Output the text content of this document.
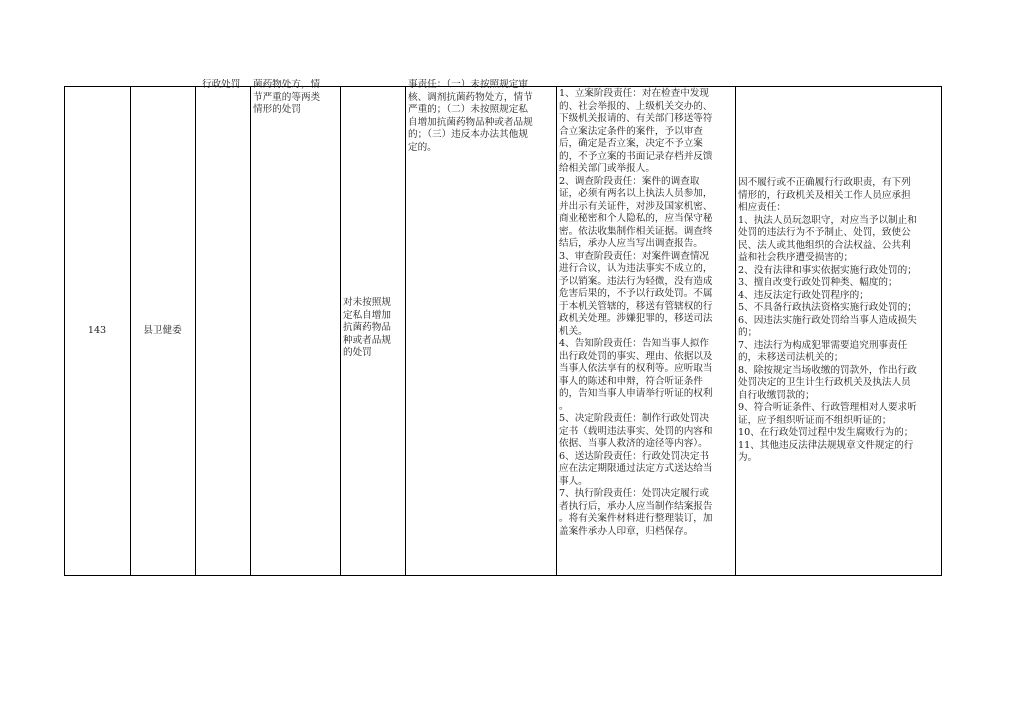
143	县卫健委
行政处罚	菌药物处方，情
节严重的等两类
情形的处罚
对未按照规
定私自增加
抗菌药物品
种或者品规
的处罚
事责任：（一）未按照规定审
核、调剂抗菌药物处方，情节
严重的；（二）未按照规定私
自增加抗菌药物品种或者品规
的；（三）违反本办法其他规
定的。
1、立案阶段责任：对在检查中发现
的、社会举报的、上级机关交办的、
下级机关报请的、有关部门移送等符
合立案法定条件的案件，予以审查
后，确定是否立案，决定不予立案
的，不予立案的书面记录存档并反馈
给相关部门或举报人。
2、调查阶段责任：案件的调查取
证，必须有两名以上执法人员参加，
并出示有关证件，对涉及国家机密、
商业秘密和个人隐私的，应当保守秘
密。依法收集制作相关证据。调查终
结后，承办人应当写出调查报告。
3、审查阶段责任：对案件调查情况
进行合议，认为违法事实不成立的，
予以销案。违法行为轻微，没有造成
危害后果的，不予以行政处罚。不属
于本机关管辖的，移送有管辖权的行
政机关处理。涉嫌犯罪的，移送司法
机关。
4、告知阶段责任：告知当事人拟作
出行政处罚的事实、理由、依据以及
当事人依法享有的权利等。应听取当
事人的陈述和申辩，符合听证条件
的，告知当事人申请举行听证的权利
。
5、决定阶段责任：制作行政处罚决
定书（载明违法事实、处罚的内容和
依据、当事人救济的途径等内容）。
6、送达阶段责任：行政处罚决定书
应在法定期限通过法定方式送达给当
事人。
7、执行阶段责任：处罚决定履行或
者执行后，承办人应当制作结案报告
。将有关案件材料进行整理装订，加
盖案件承办人印章，归档保存。
因不履行或不正确履行行政职责，有下列
情形的，行政机关及相关工作人员应承担
相应责任：
1、执法人员玩忽职守，对应当予以制止和
处罚的违法行为不予制止、处罚，致使公
民、法人或其他组织的合法权益、公共利
益和社会秩序遭受损害的；
2、没有法律和事实依据实施行政处罚的；
3、擅自改变行政处罚种类、幅度的；
4、违反法定行政处罚程序的；
5、不具备行政执法资格实施行政处罚的；
6、因违法实施行政处罚给当事人造成损失
的；
7、违法行为构成犯罪需要追究刑事责任
的，未移送司法机关的；
8、除按规定当场收缴的罚款外，作出行政
处罚决定的卫生计生行政机关及执法人员
自行收缴罚款的；
9、符合听证条件、行政管理相对人要求听
证，应予组织听证而不组织听证的；
10、在行政处罚过程中发生腐败行为的；
11、其他违反法律法规规章文件规定的行
为。
